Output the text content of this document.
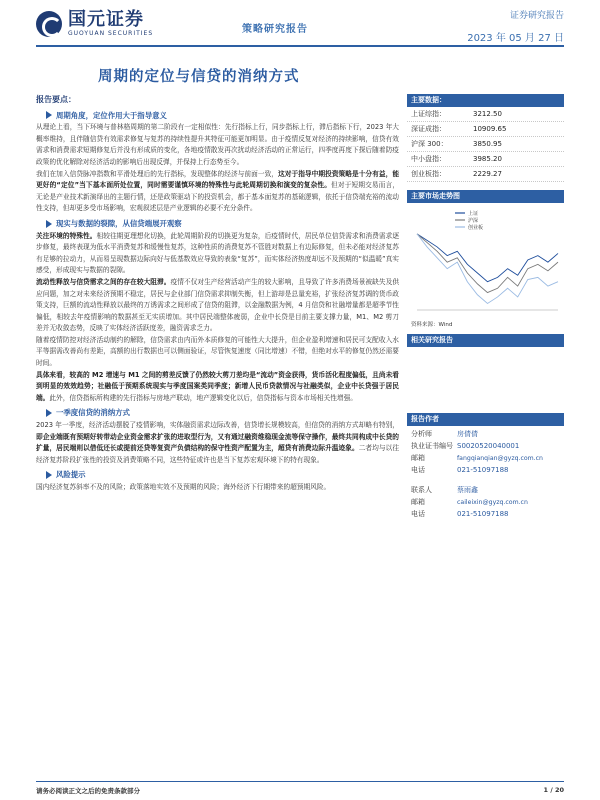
国元证券
GUOYUAN SECURITIES	策略研究报告
证券研究报告
2023 年 05 月 27 日
周期的定位与信贷的消纳方式
报告要点：
周期角度，定位作用大于指导意义

从理论上看，当下环境与普林格周期的第二阶段有一定相似性：先行指标上行，同步指标上行，滞后指标下行，2023 年大概率维持，且伴随信贷有效需求修复与复苏的持续性提升其特征可能更加明显。由于疫情反复对经济的持续影响，信贷有效需求和消费需求短期修复后并没有形成质的变化，各地疫情散发再次扰动经济活动的正常运行，四季度再度下探后随着防疫政策的优化解除对经济活动的影响后出现反弹，并保持上行态势至今。

我们在加入信贷脉冲指数和平滑处理后的先行指标，发现整体的经济与前面一致，这对于指导中期投资策略是十分有益，能更好的“定位”当下基本面所处位置，同时需要谨慎环境的特殊性与此轮周期切换和演变的复杂性。但对于短期交易而言，无论是产业技术新演绎出的主题行情，还是政策驱动下的投资机会，都于基本面复苏的基础逻辑，依托于信贷端充裕的流动性支持，但却更多受市场影响，宏观叙述层是产业逻辑的必要不充分条件。

现实与数据的裂隙，从信贷端展开观察

关注环境的特殊性。相较往期更理想化切换，此轮周期阶段的切换更为复杂，后疫情时代，居民单位信贷需求和消费需求逐步修复，最终表现为低水平消费复苏和缓慢性复苏，这种性质的消费复苏不管胜对数据上有边际修复，但未必能对经济复苏有足够的拉动力，从而易呈现数据边际向好与低基数效应导致的表象“复苏”，而实体经济热度却远不及预期的“似温暖”真实感受，形成现实与数据的裂隙。

流动性释放与信贷需求之间的存在较大阻滞。疫情不仅对生产经营活动产生的较大影响，且导致了许多消费场景被缺失及供应问题，加之对未来经济预期不稳定，居民与企业部门信贷需求抑制失衡，但上游却是总量充裕，扩张经济复苏调的货币政策支持，巨额的流动性释放以最终的万诱需求之间形成了信贷的阻滞，以金融数据为例，4 月信贷和社融增量都是超季节性偏低，相较去年疫情影响的数据甚至无实质增加。其中居民端整体疲弱，企业中长贷是目前主要支撑力量，M1、M2 剪刀差并无收敛态势，反映了实体经济活跃度差，融资需求乏力。

随着疫情防控对经济活动制约的解除，信贷需求由内而外本质修复的可能性大大提升，但企业盈利增速和居民可支配收入水平等据需改善尚有差距，高额的出行数据也可以侧面验证，尽管恢复速度（同比增速）不错，但绝对水平的修复仍然还需要时间。

具体来看，较高的 M2 增速与 M1 之间的剪差反馈了仍然较大剪刀差均是“流动”资金获得，货币活化程度偏低，且尚未看到明显的效效趋势；社融低于预期系统现实与季度国案类同季度；新增人民币贷款情况与社融类似，企业中长贷强于居民端。此外，信贷指标所构建的先行指标与房地产联动，地产逻辑变化以后，信贷指标与资本市场相关性增强。

一季度信贷的消纳方式

2023 年一季度，经济活动摆脱了疫情影响，实体融资需求边际改善，信贷增长规模较高，但信贷的消纳方式却略有特别，即企业端既有预期好转带动企业资金需求扩张的进取型行为，又有通过融资维稳现金流等保守操作，最终共同构成中长贷的扩量，居民端则以借低还长或提前还贷等复资产负债结构的保守性资产配置为主，超贷有消费边际升温迹象。二者均与以往经济复苏阶段扩张性的投资及消费策略不同，这些特征或许也是当下复苏宏观环境下的特有现象。

风险提示

国内经济复苏斜率不及的风险；政策落地实效不及预期的风险；海外经济下行期带来的超预期风险。

主要数据：
上证综指：	3212.50
深证成指：	10909.65
沪深 300：	3850.95
中小盘指：	3985.20
创业板指：	2229.27
主要市场走势图
上证
沪深
创业板
资料来源：Wind
相关研究报告
报告作者
分析师	房倩倩
执业证书编号 S0020520040001
邮箱	fangqianqian@gyzq.com.cn
电话	021-51097188
联系人	蔡雨鑫
邮箱	caileixin@gyzq.com.cn
电话	021-51097188
请务必阅读正文之后的免责条款部分	1 / 20
